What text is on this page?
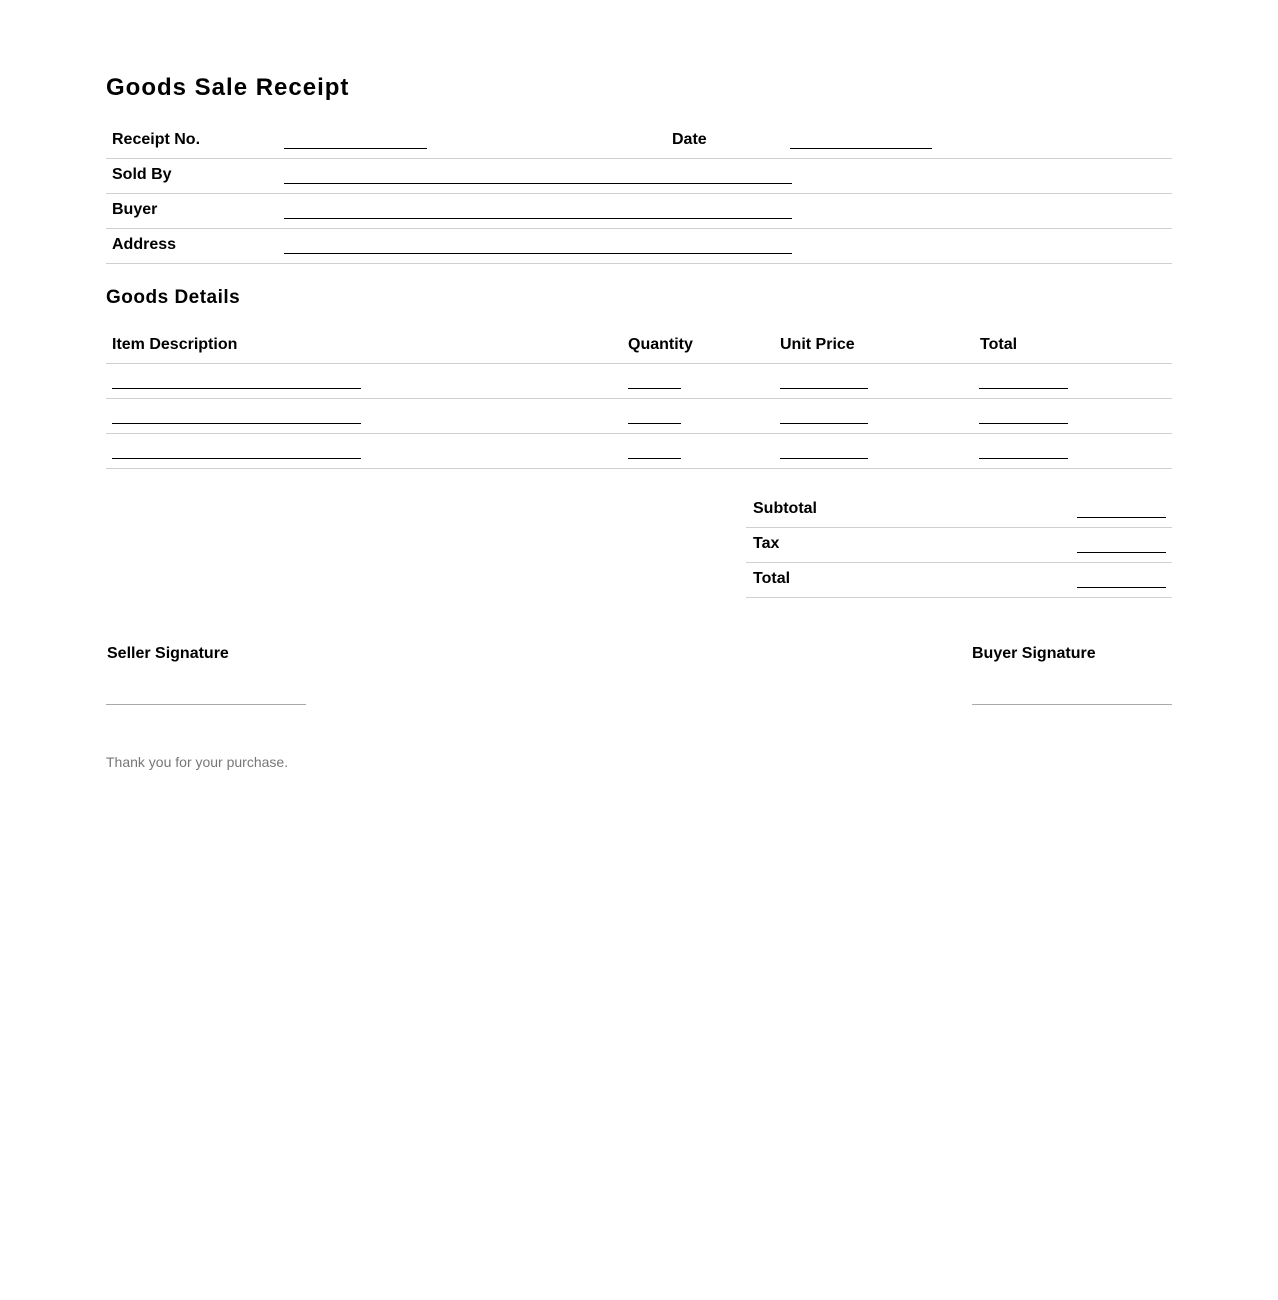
Goods Sale Receipt
Receipt No.	Date
Sold By
Buyer
Address
Goods Details
Item Description	Quantity	Unit Price	Total
Subtotal
Tax
Total
Seller Signature	Buyer Signature
Thank you for your purchase.
